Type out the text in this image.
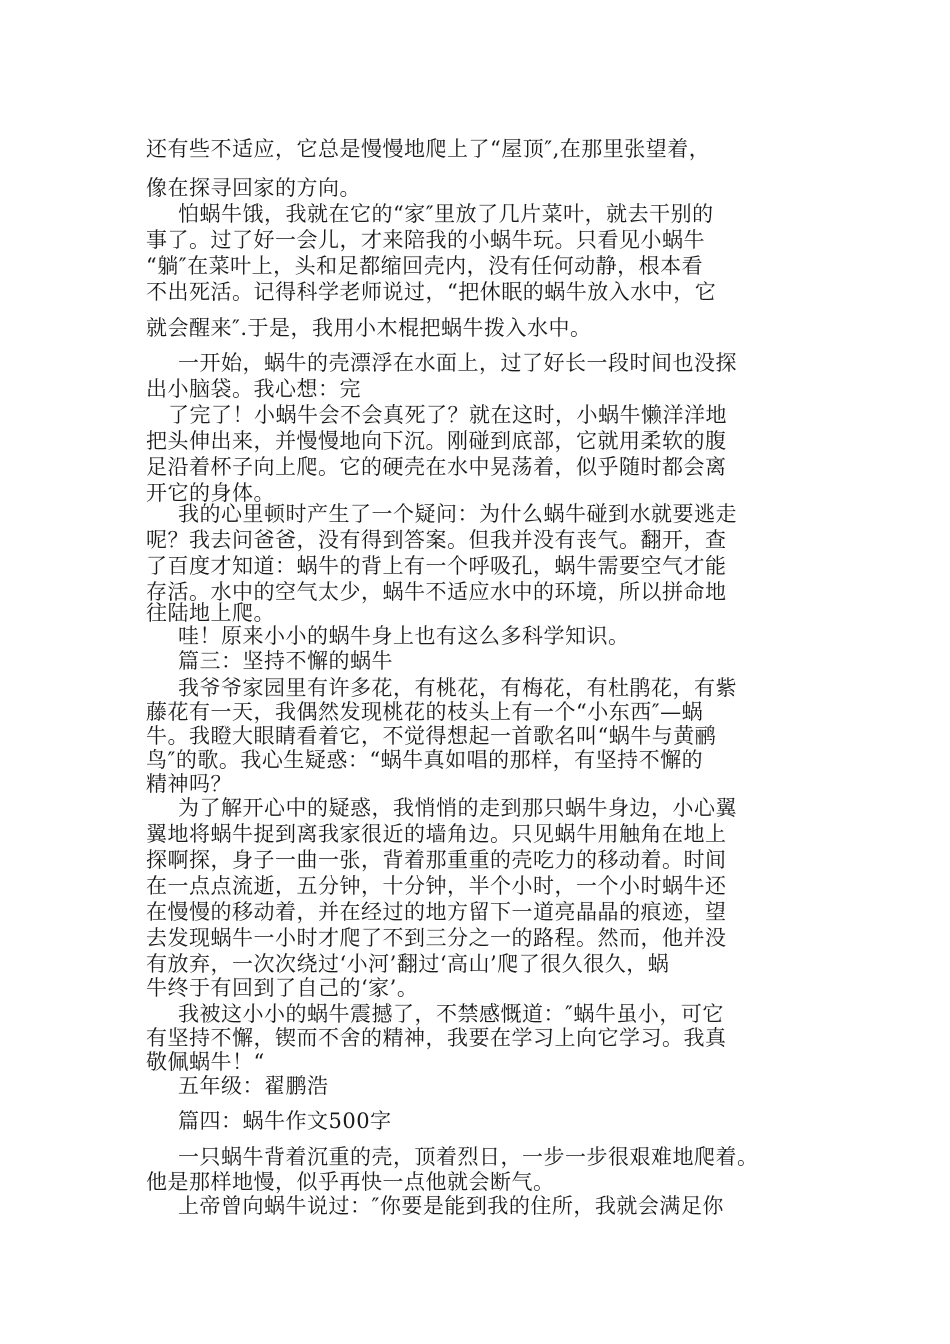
还有些不适应，它总是慢慢地爬上了“屋顶″,在那里张望着，
像在探寻回家的方向。
怕蜗牛饿，我就在它的“家″里放了几片菜叶，就去干别的
事了。过了好一会儿，才来陪我的小蜗牛玩。只看见小蜗牛
“躺″在菜叶上，头和足都缩回壳内，没有任何动静，根本看
不出死活。记得科学老师说过，“把休眠的蜗牛放入水中，它
就会醒来″.于是，我用小木棍把蜗牛拨入水中。
一开始，蜗牛的壳漂浮在水面上，过了好长一段时间也没探
出小脑袋。我心想：完
了完了！小蜗牛会不会真死了？就在这时，小蜗牛懒洋洋地
把头伸出来，并慢慢地向下沉。刚碰到底部，它就用柔软的腹
足沿着杯子向上爬。它的硬壳在水中晃荡着，似乎随时都会离
开它的身体。
我的心里顿时产生了一个疑问：为什么蜗牛碰到水就要逃走
呢？我去问爸爸，没有得到答案。但我并没有丧气。翻开，查
了百度才知道：蜗牛的背上有一个呼吸孔，蜗牛需要空气才能
存活。水中的空气太少，蜗牛不适应水中的环境，所以拼命地
往陆地上爬。
哇！原来小小的蜗牛身上也有这么多科学知识。
篇三：坚持不懈的蜗牛
我爷爷家园里有许多花，有桃花，有梅花，有杜鹃花，有紫
藤花有一天，我偶然发现桃花的枝头上有一个“小东西″—蜗
牛。我瞪大眼睛看着它，不觉得想起一首歌名叫“蜗牛与黄鹂
鸟″的歌。我心生疑惑：“蜗牛真如唱的那样，有坚持不懈的
精神吗？
为了解开心中的疑惑，我悄悄的走到那只蜗牛身边，小心翼
翼地将蜗牛捉到离我家很近的墙角边。只见蜗牛用触角在地上
探啊探，身子一曲一张，背着那重重的壳吃力的移动着。时间
在一点点流逝，五分钟，十分钟，半个小时，一个小时蜗牛还
在慢慢的移动着，并在经过的地方留下一道亮晶晶的痕迹，望
去发现蜗牛一小时才爬了不到三分之一的路程。然而，他并没
有放弃，一次次绕过‘小河’翻过‘高山’爬了很久很久，蜗
牛终于有回到了自己的‘家’。
我被这小小的蜗牛震撼了，不禁感慨道：″蜗牛虽小，可它
有坚持不懈，锲而不舍的精神，我要在学习上向它学习。我真
敬佩蜗牛！“
五年级：翟鹏浩
篇四：蜗牛作文500字
一只蜗牛背着沉重的壳，顶着烈日，一步一步很艰难地爬着。
他是那样地慢，似乎再快一点他就会断气。
上帝曾向蜗牛说过：″你要是能到我的住所，我就会满足你
